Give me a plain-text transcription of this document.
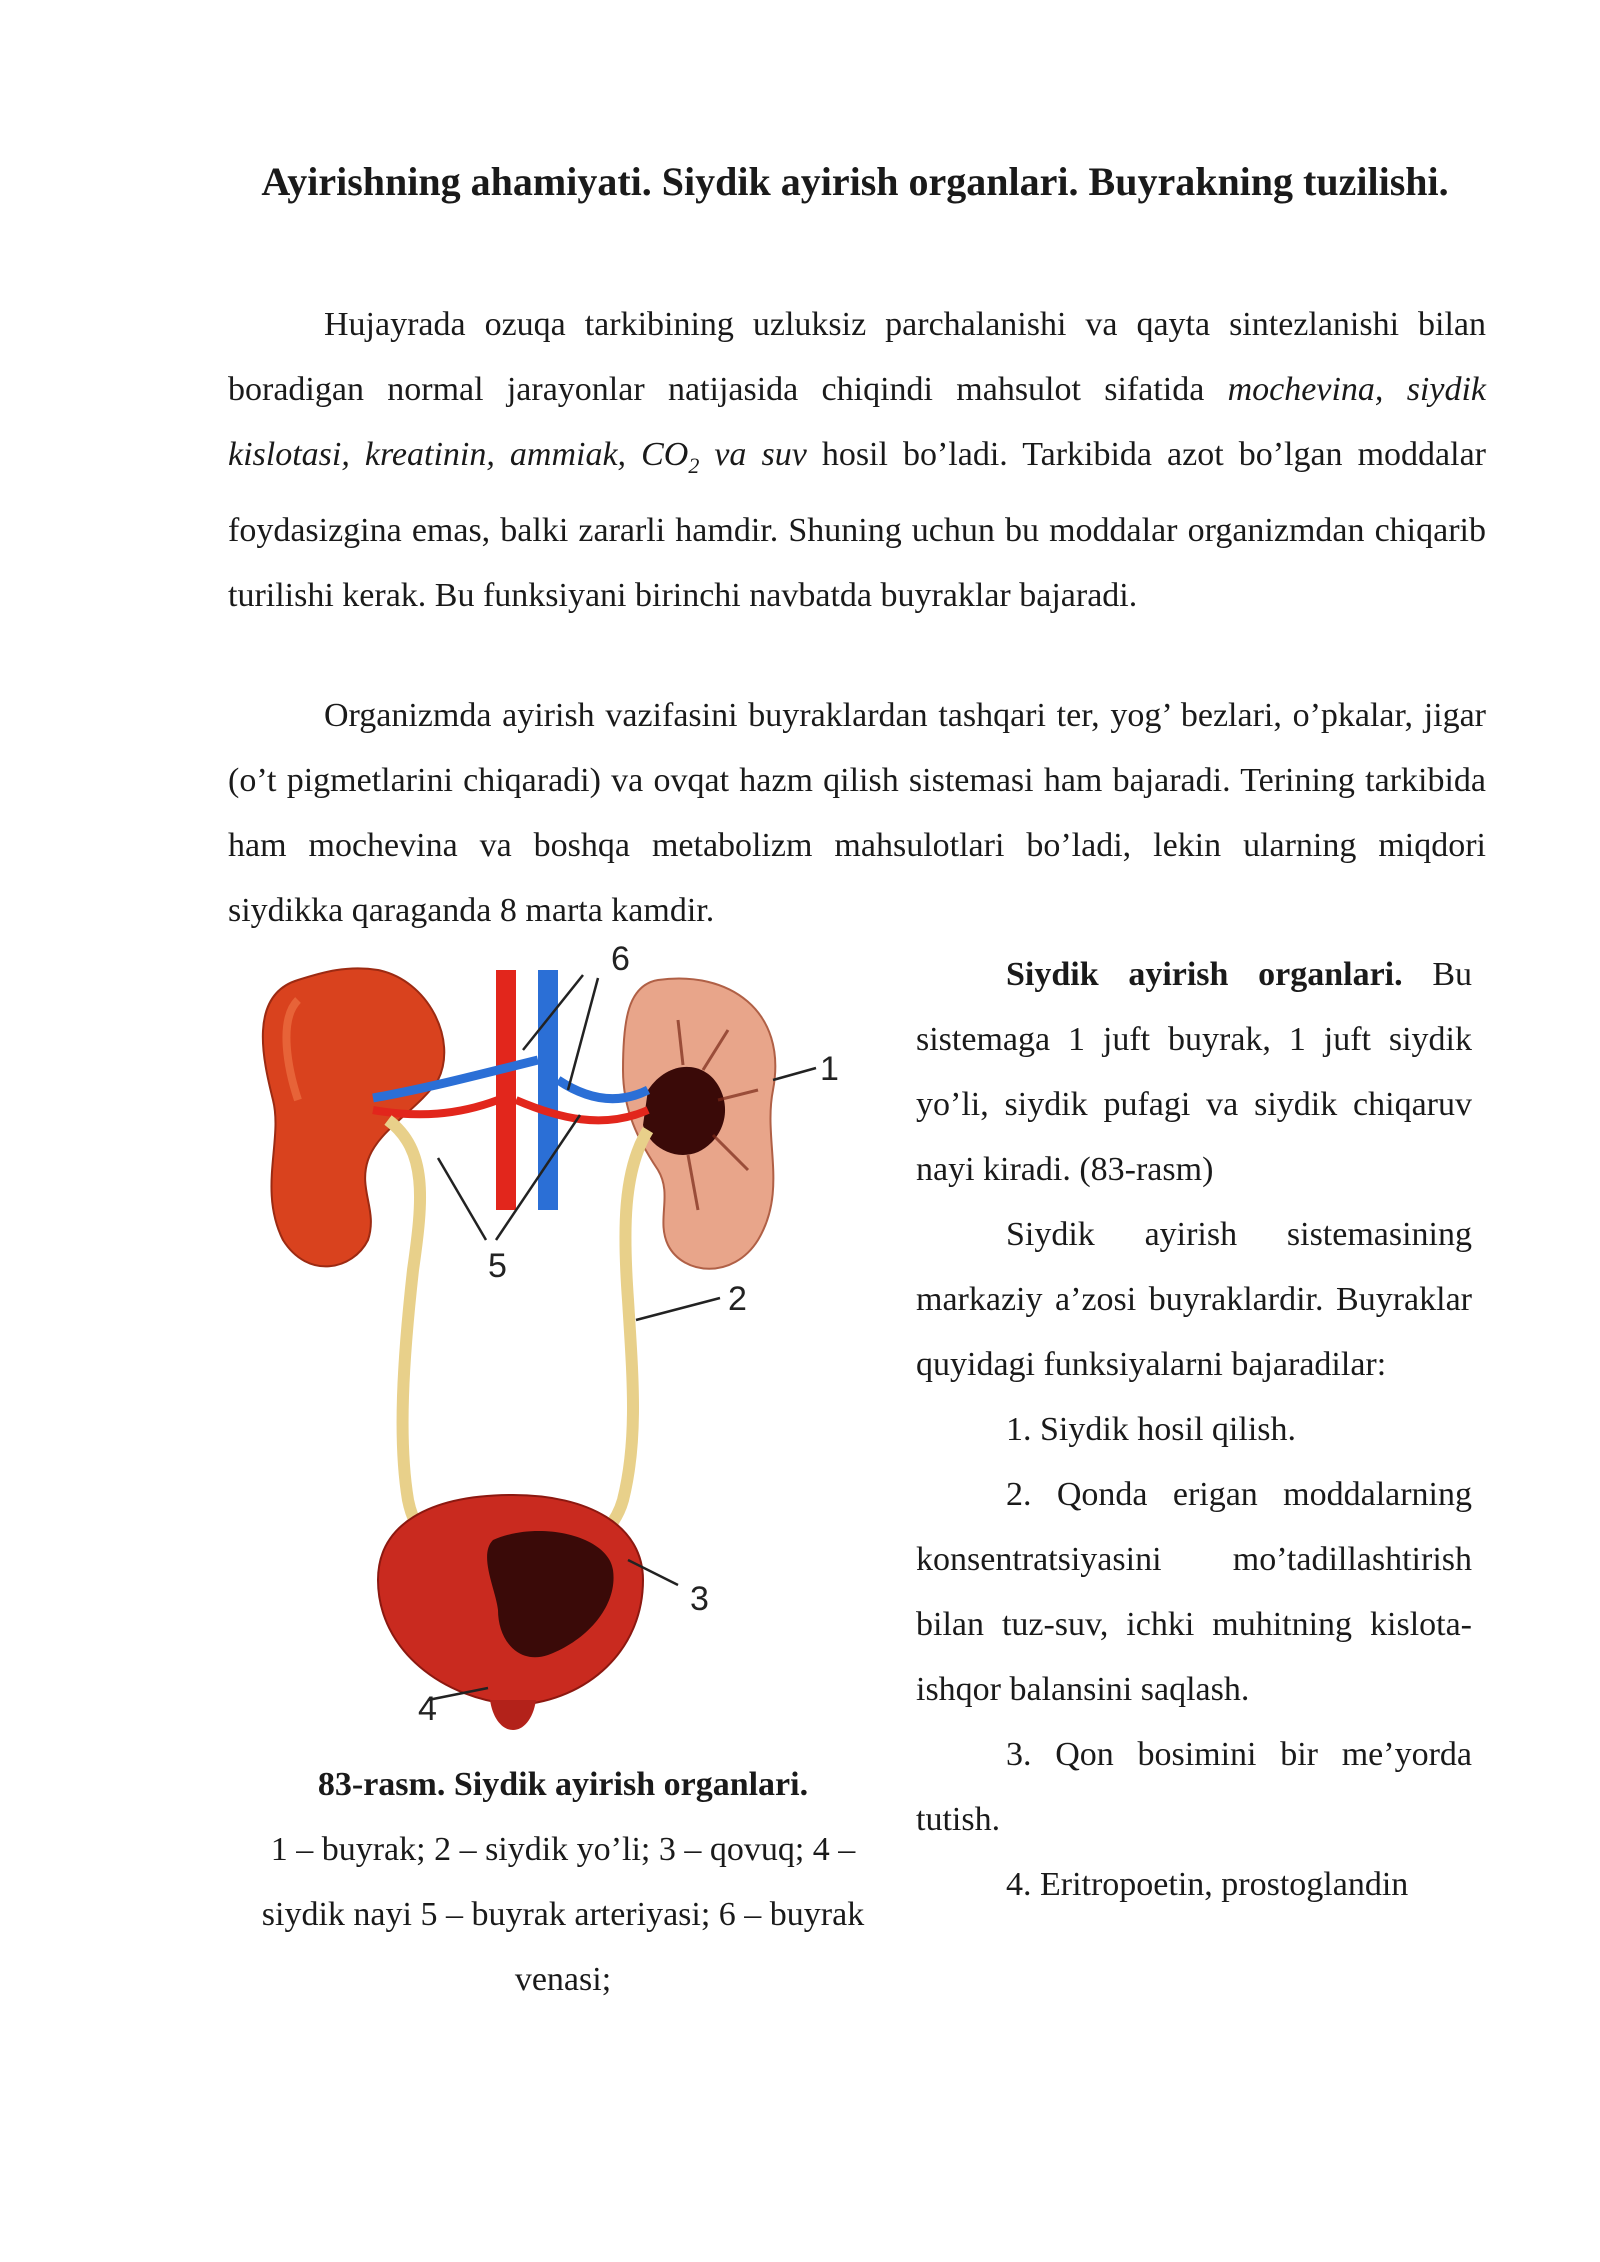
Ayirishning ahamiyati. Siydik ayirish organlari. Buyrakning tuzilishi.

Hujayrada ozuqa tarkibining uzluksiz parchalanishi va qayta sintezlanishi bilan boradigan normal jarayonlar natijasida chiqindi mahsulot sifatida mochevina, siydik kislotasi, kreatinin, ammiak, $CO_2$ va suv hosil bo’ladi. Tarkibida azot bo’lgan moddalar foydasizgina emas, balki zararli hamdir. Shuning uchun bu moddalar organizmdan chiqarib turilishi kerak. Bu funksiyani birinchi navbatda buyraklar bajaradi.

Organizmda ayirish vazifasini buyraklardan tashqari ter, yog’ bezlari, o’pkalar, jigar (o’t pigmetlarini chiqaradi) va ovqat hazm qilish sistemasi ham bajaradi. Terining tarkibida ham mochevina va boshqa metabolizm mahsulotlari bo’ladi, lekin ularning miqdori siydikka qaraganda 8 marta kamdir.

6
1
5
2
3
4
83-rasm. Siydik ayirish organlari.
1 – buyrak; 2 – siydik yo’li; 3 – qovuq; 4 – siydik nayi 5 – buyrak arteriyasi; 6 – buyrak venasi;

Siydik ayirish organlari. Bu sistemaga 1 juft buyrak, 1 juft siydik yo’li, siydik pufagi va siydik chiqaruv nayi kiradi. (83-rasm)

Siydik ayirish sistemasining markaziy a’zosi buyraklardir. Buyraklar quyidagi funksiyalarni bajaradilar:

1. Siydik hosil qilish.

2. Qonda erigan moddalarning konsentratsiyasini mo’tadillashtirish bilan tuz-suv, ichki muhitning kislota-ishqor balansini saqlash.

3. Qon bosimini bir me’yorda tutish.

4. Eritropoetin, prostoglandin
